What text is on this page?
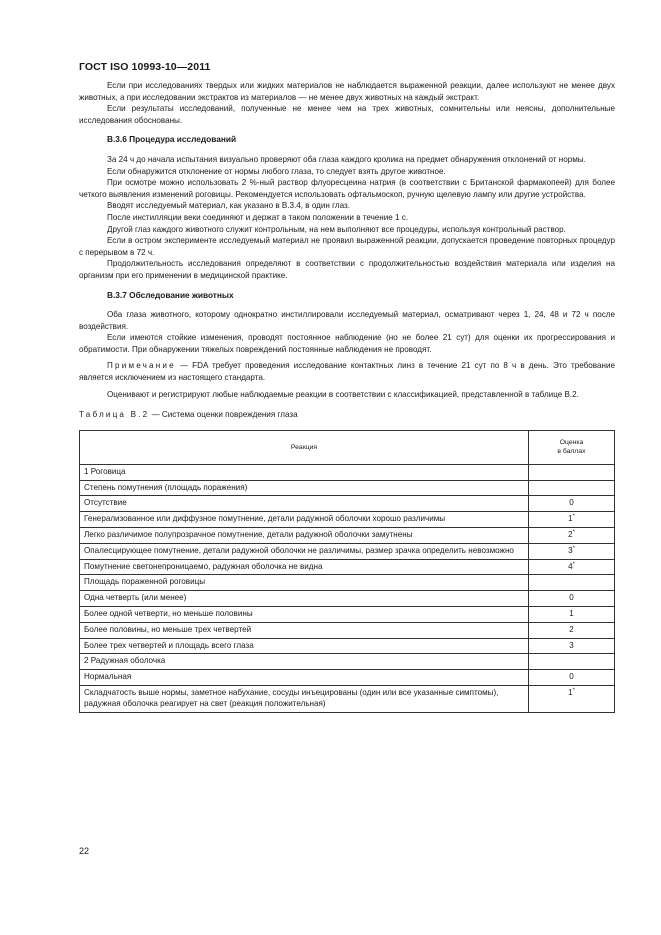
ГОСТ ISO 10993-10—2011

Если при исследованиях твердых или жидких материалов не наблюдается выраженной реакции, далее используют не менее двух животных, а при исследовании экстрактов из материалов — не менее двух животных на каждый экстракт.

Если результаты исследований, полученные не менее чем на трех животных, сомнительны или неясны, дополнительные исследования обоснованы.

В.3.6 Процедура исследований

За 24 ч до начала испытания визуально проверяют оба глаза каждого кролика на предмет обнаружения отклонений от нормы.

Если обнаружится отклонение от нормы любого глаза, то следует взять другое животное.

При осмотре можно использовать 2 %-ный раствор флуоресцеина натрия (в соответствии с Британской фармакопеей) для более четкого выявления изменений роговицы. Рекомендуется использовать офтальмоскоп, ручную щелевую лампу или другие устройства.

Вводят исследуемый материал, как указано в В.3.4, в один глаз.

После инстилляции веки соединяют и держат в таком положении в течение 1 с.

Другой глаз каждого животного служит контрольным, на нем выполняют все процедуры, используя контрольный раствор.

Если в остром эксперименте исследуемый материал не проявил выраженной реакции, допускается проведение повторных процедур с перерывом в 72 ч.

Продолжительность исследования определяют в соответствии с продолжительностью воздействия материала или изделия на организм при его применении в медицинской практике.

В.3.7 Обследование животных

Оба глаза животного, которому однократно инстиллировали исследуемый материал, осматривают через 1, 24, 48 и 72 ч после воздействия.

Если имеются стойкие изменения, проводят постоянное наблюдение (но не более 21 сут) для оценки их прогрессирования и обратимости. При обнаружении тяжелых повреждений постоянные наблюдения не проводят.

Примечание — FDA требует проведения исследование контактных линз в течение 21 сут по 8 ч в день. Это требование является исключением из настоящего стандарта.

Оценивают и регистрируют любые наблюдаемые реакции в соответствии с классификацией, представленной в таблице В.2.

Таблица В.2 — Система оценки повреждения глаза

Реакция	Оценка
в баллах
1 Роговица	
Степень помутнения (площадь поражения)	
Отсутствие	0
Генерализованное или диффузное помутнение, детали радужной оболочки хорошо различимы	1*
Легко различимое полупрозрачное помутнение, детали радужной оболочки замутнены	2*
Опалесцирующее помутнение, детали радужной оболочки не различимы, размер зрачка определить невозможно	3*
Помутнение светонепроницаемо, радужная оболочка не видна	4*
Площадь пораженной роговицы	
Одна четверть (или менее)	0
Более одной четверти, но меньше половины	1
Более половины, но меньше трех четвертей	2
Более трех четвертей и площадь всего глаза	3
2 Радужная оболочка	
Нормальная	0
Складчатость выше нормы, заметное набухание, сосуды инъецированы (один или все указанные симптомы), радужная оболочка реагирует на свет (реакция положительная)	1*
22
